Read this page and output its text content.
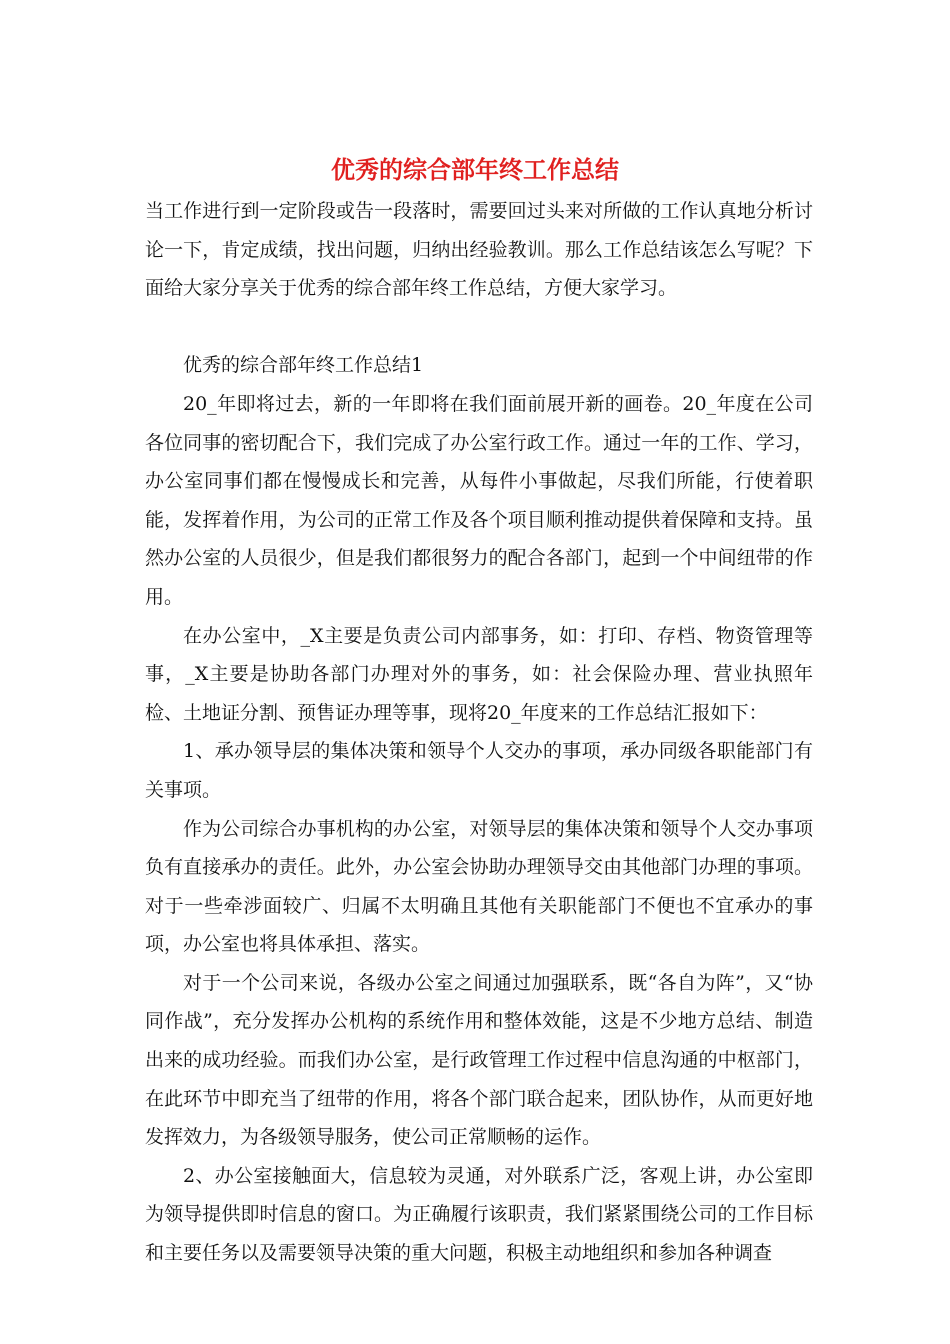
优秀的综合部年终工作总结

当工作进行到一定阶段或告一段落时，需要回过头来对所做的工作认真地分析讨论一下，肯定成绩，找出问题，归纳出经验教训。那么工作总结该怎么写呢？下面给大家分享关于优秀的综合部年终工作总结，方便大家学习。

优秀的综合部年终工作总结1

20_年即将过去，新的一年即将在我们面前展开新的画卷。20_年度在公司各位同事的密切配合下，我们完成了办公室行政工作。通过一年的工作、学习，办公室同事们都在慢慢成长和完善，从每件小事做起，尽我们所能，行使着职能，发挥着作用，为公司的正常工作及各个项目顺利推动提供着保障和支持。虽然办公室的人员很少，但是我们都很努力的配合各部门，起到一个中间纽带的作用。

在办公室中，_X主要是负责公司内部事务，如：打印、存档、物资管理等事，_X主要是协助各部门办理对外的事务，如：社会保险办理、营业执照年检、土地证分割、预售证办理等事，现将20_年度来的工作总结汇报如下：

1、承办领导层的集体决策和领导个人交办的事项，承办同级各职能部门有关事项。

作为公司综合办事机构的办公室，对领导层的集体决策和领导个人交办事项负有直接承办的责任。此外，办公室会协助办理领导交由其他部门办理的事项。对于一些牵涉面较广、归属不太明确且其他有关职能部门不便也不宜承办的事项，办公室也将具体承担、落实。

对于一个公司来说，各级办公室之间通过加强联系，既“各自为阵”，又“协同作战”，充分发挥办公机构的系统作用和整体效能，这是不少地方总结、制造出来的成功经验。而我们办公室，是行政管理工作过程中信息沟通的中枢部门，在此环节中即充当了纽带的作用，将各个部门联合起来，团队协作，从而更好地发挥效力，为各级领导服务，使公司正常顺畅的运作。

2、办公室接触面大，信息较为灵通，对外联系广泛，客观上讲，办公室即为领导提供即时信息的窗口。为正确履行该职责，我们紧紧围绕公司的工作目标和主要任务以及需要领导决策的重大问题，积极主动地组织和参加各种调查
